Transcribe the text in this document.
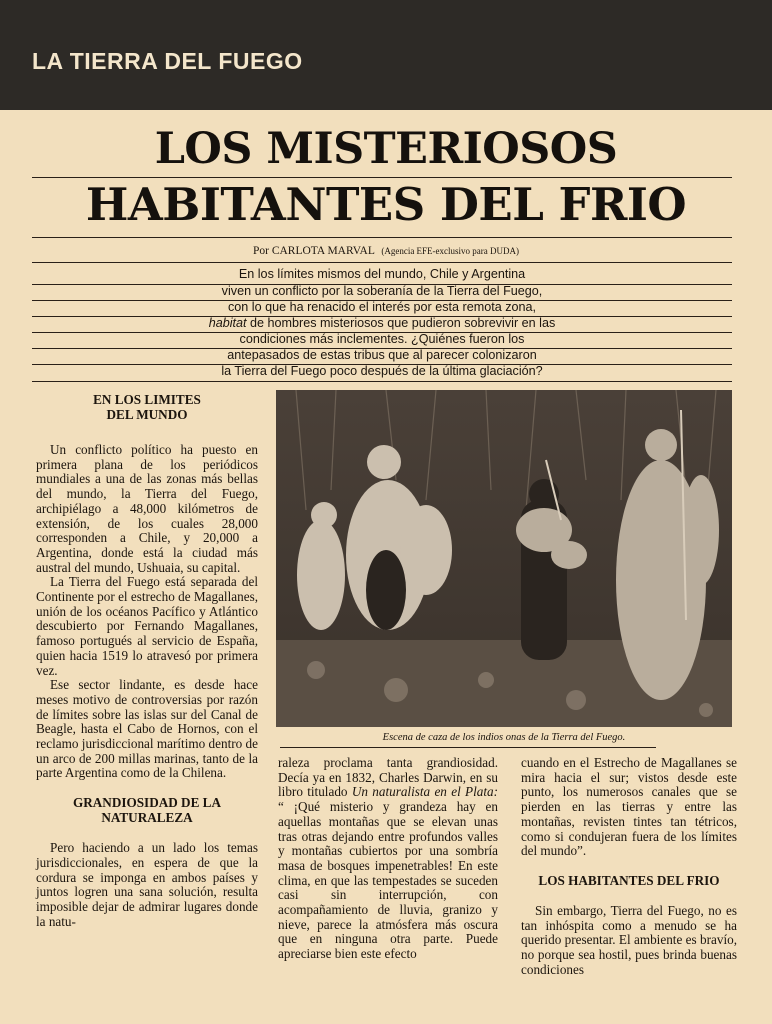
LA TIERRA DEL FUEGO
LOS MISTERIOSOS
HABITANTES DEL FRIO
Por CARLOTA MARVAL (Agencia EFE-exclusivo para DUDA)
En los límites mismos del mundo, Chile y Argentina
viven un conflicto por la soberanía de la Tierra del Fuego,
con lo que ha renacido el interés por esta remota zona,
habitat de hombres misteriosos que pudieron sobrevivir en las
condiciones más inclementes. ¿Quiénes fueron los
antepasados de estas tribus que al parecer colonizaron
la Tierra del Fuego poco después de la última glaciación?
EN LOS LIMITES
DEL MUNDO

Un conflicto político ha puesto en primera plana de los periódicos mundiales a una de las zonas más bellas del mundo, la Tierra del Fuego, archipiélago a 48,000 kilómetros de extensión, de los cuales 28,000 corresponden a Chile, y 20,000 a Argentina, donde está la ciudad más austral del mundo, Ushuaia, su capital.

La Tierra del Fuego está separada del Continente por el estrecho de Magallanes, unión de los océanos Pacífico y Atlántico descubierto por Fernando Magallanes, famoso portugués al servicio de España, quien hacia 1519 lo atravesó por primera vez.

Ese sector lindante, es desde hace meses motivo de controversias por razón de límites sobre las islas sur del Canal de Beagle, hasta el Cabo de Hornos, con el reclamo jurisdiccional marítimo dentro de un arco de 200 millas marinas, tanto de la parte Argentina como de la Chilena.

GRANDIOSIDAD DE LA
NATURALEZA

Pero haciendo a un lado los temas jurisdiccionales, en espera de que la cordura se imponga en ambos países y juntos logren una sana solución, resulta imposible dejar de admirar lugares donde la natu-

Escena de caza de los indios onas de la Tierra del Fuego.

raleza proclama tanta grandiosidad. Decía ya en 1832, Charles Darwin, en su libro titulado Un naturalista en el Plata: “ ¡Qué misterio y grandeza hay en aquellas montañas que se elevan unas tras otras dejando entre profundos valles y montañas cubiertos por una sombría masa de bosques impenetrables! En este clima, en que las tempestades se suceden casi sin interrupción, con acompañamiento de lluvia, granizo y nieve, parece la atmósfera más oscura que en ninguna otra parte. Puede apreciarse bien este efecto

cuando en el Estrecho de Magallanes se mira hacia el sur; vistos desde este punto, los numerosos canales que se pierden en las tierras y entre las montañas, revisten tintes tan tétricos, como si condujeran fuera de los límites del mundo”.

LOS HABITANTES DEL FRIO

Sin embargo, Tierra del Fuego, no es tan inhóspita como a menudo se ha querido presentar. El ambiente es bravío, no porque sea hostil, pues brinda buenas condiciones
